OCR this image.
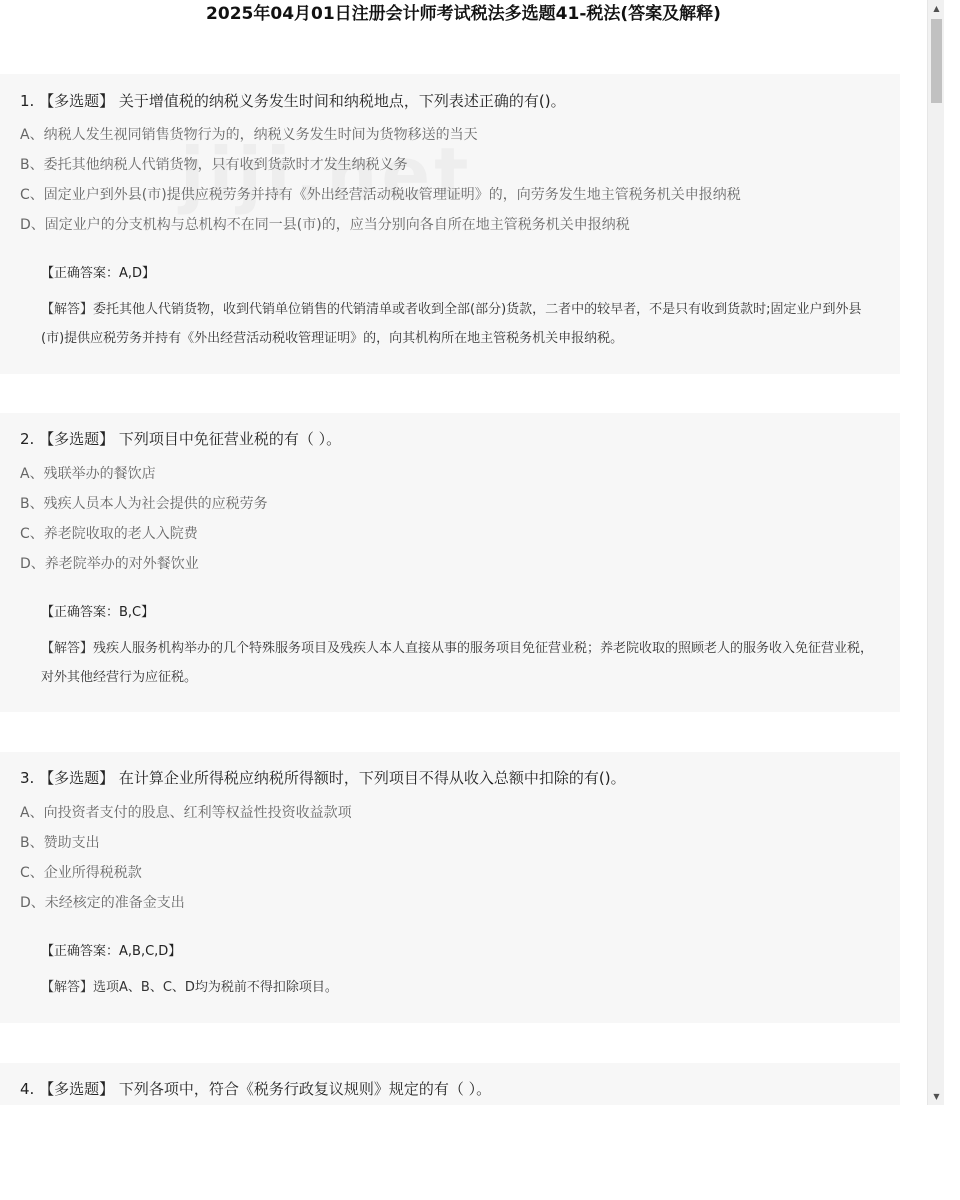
2025年04月01日注册会计师考试税法多选题41-税法(答案及解释)
1. 【多选题】 关于增值税的纳税义务发生时间和纳税地点，下列表述正确的有()。
A、纳税人发生视同销售货物行为的，纳税义务发生时间为货物移送的当天
B、委托其他纳税人代销货物，只有收到货款时才发生纳税义务
C、固定业户到外县(市)提供应税劳务并持有《外出经营活动税收管理证明》的，向劳务发生地主管税务机关申报纳税
D、固定业户的分支机构与总机构不在同一县(市)的，应当分别向各自所在地主管税务机关申报纳税
【正确答案：A,D】
【解答】委托其他人代销货物，收到代销单位销售的代销清单或者收到全部(部分)货款，二者中的较早者，不是只有收到货款时;固定业户到外县(市)提供应税劳务并持有《外出经营活动税收管理证明》的，向其机构所在地主管税务机关申报纳税。
2. 【多选题】 下列项目中免征营业税的有（ ）。
A、残联举办的餐饮店
B、残疾人员本人为社会提供的应税劳务
C、养老院收取的老人入院费
D、养老院举办的对外餐饮业
【正确答案：B,C】
【解答】残疾人服务机构举办的几个特殊服务项目及残疾人本人直接从事的服务项目免征营业税；养老院收取的照顾老人的服务收入免征营业税，对外其他经营行为应征税。
3. 【多选题】 在计算企业所得税应纳税所得额时，下列项目不得从收入总额中扣除的有()。
A、向投资者支付的股息、红利等权益性投资收益款项
B、赞助支出
C、企业所得税税款
D、未经核定的准备金支出
【正确答案：A,B,C,D】
【解答】选项A、B、C、D均为税前不得扣除项目。
4. 【多选题】 下列各项中，符合《税务行政复议规则》规定的有（ ）。
▲
▼
